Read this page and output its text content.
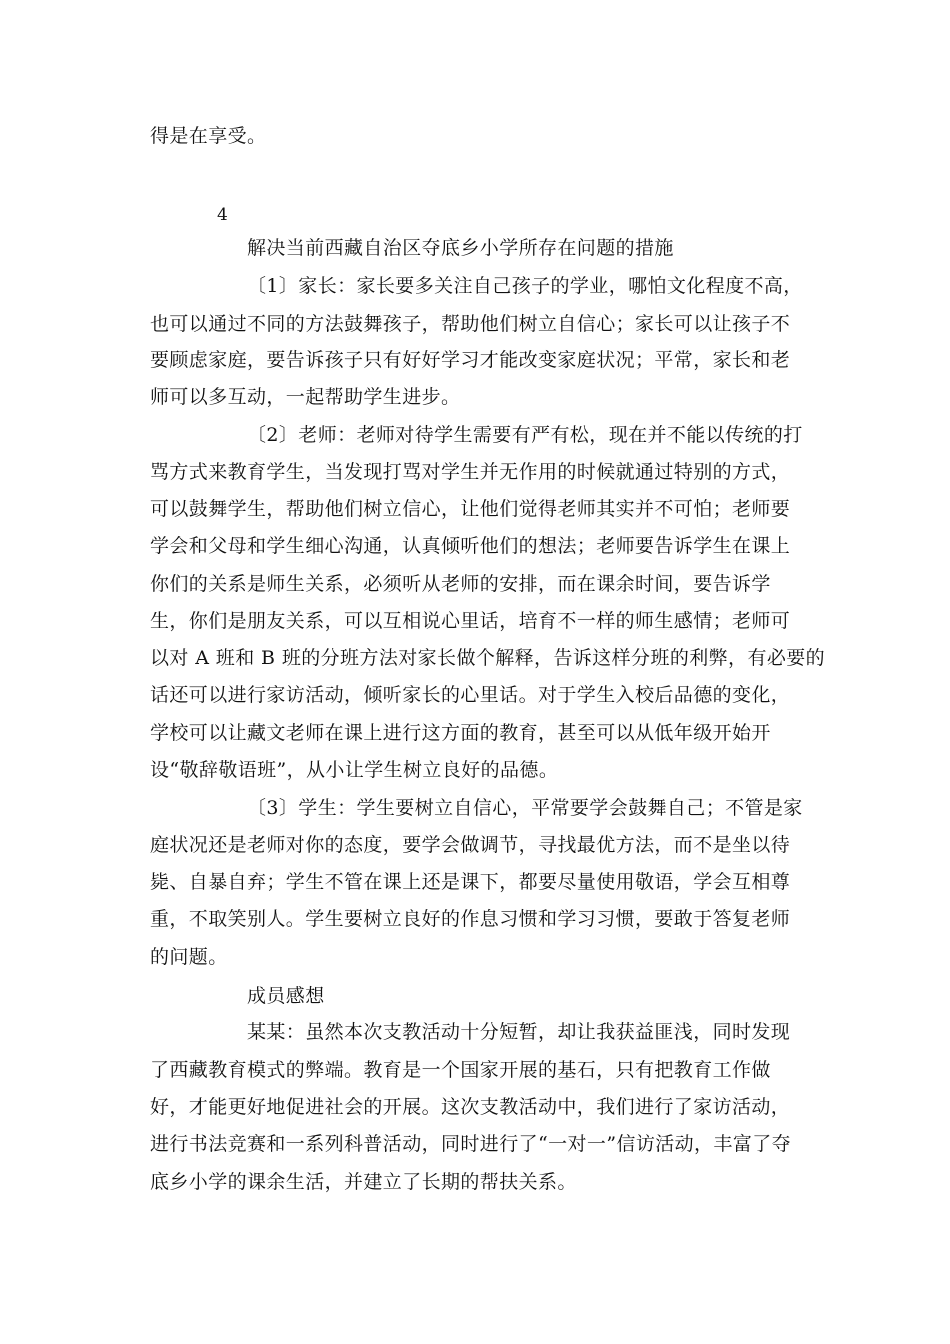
得是在享受。
4
解决当前西藏自治区夺底乡小学所存在问题的措施
〔1〕家长：家长要多关注自己孩子的学业，哪怕文化程度不高，
也可以通过不同的方法鼓舞孩子，帮助他们树立自信心；家长可以让孩子不
要顾虑家庭，要告诉孩子只有好好学习才能改变家庭状况；平常，家长和老
师可以多互动，一起帮助学生进步。
〔2〕老师：老师对待学生需要有严有松，现在并不能以传统的打
骂方式来教育学生，当发现打骂对学生并无作用的时候就通过特别的方式，
可以鼓舞学生，帮助他们树立信心，让他们觉得老师其实并不可怕；老师要
学会和父母和学生细心沟通，认真倾听他们的想法；老师要告诉学生在课上
你们的关系是师生关系，必须听从老师的安排，而在课余时间，要告诉学
生，你们是朋友关系，可以互相说心里话，培育不一样的师生感情；老师可
以对 A 班和 B 班的分班方法对家长做个解释，告诉这样分班的利弊，有必要的
话还可以进行家访活动，倾听家长的心里话。对于学生入校后品德的变化，
学校可以让藏文老师在课上进行这方面的教育，甚至可以从低年级开始开
设“敬辞敬语班”，从小让学生树立良好的品德。
〔3〕学生：学生要树立自信心，平常要学会鼓舞自己；不管是家
庭状况还是老师对你的态度，要学会做调节，寻找最优方法，而不是坐以待
毙、自暴自弃；学生不管在课上还是课下，都要尽量使用敬语，学会互相尊
重，不取笑别人。学生要树立良好的作息习惯和学习习惯，要敢于答复老师
的问题。
成员感想
某某：虽然本次支教活动十分短暂，却让我获益匪浅，同时发现
了西藏教育模式的弊端。教育是一个国家开展的基石，只有把教育工作做
好，才能更好地促进社会的开展。这次支教活动中，我们进行了家访活动，
进行书法竞赛和一系列科普活动，同时进行了“一对一”信访活动，丰富了夺
底乡小学的课余生活，并建立了长期的帮扶关系。
